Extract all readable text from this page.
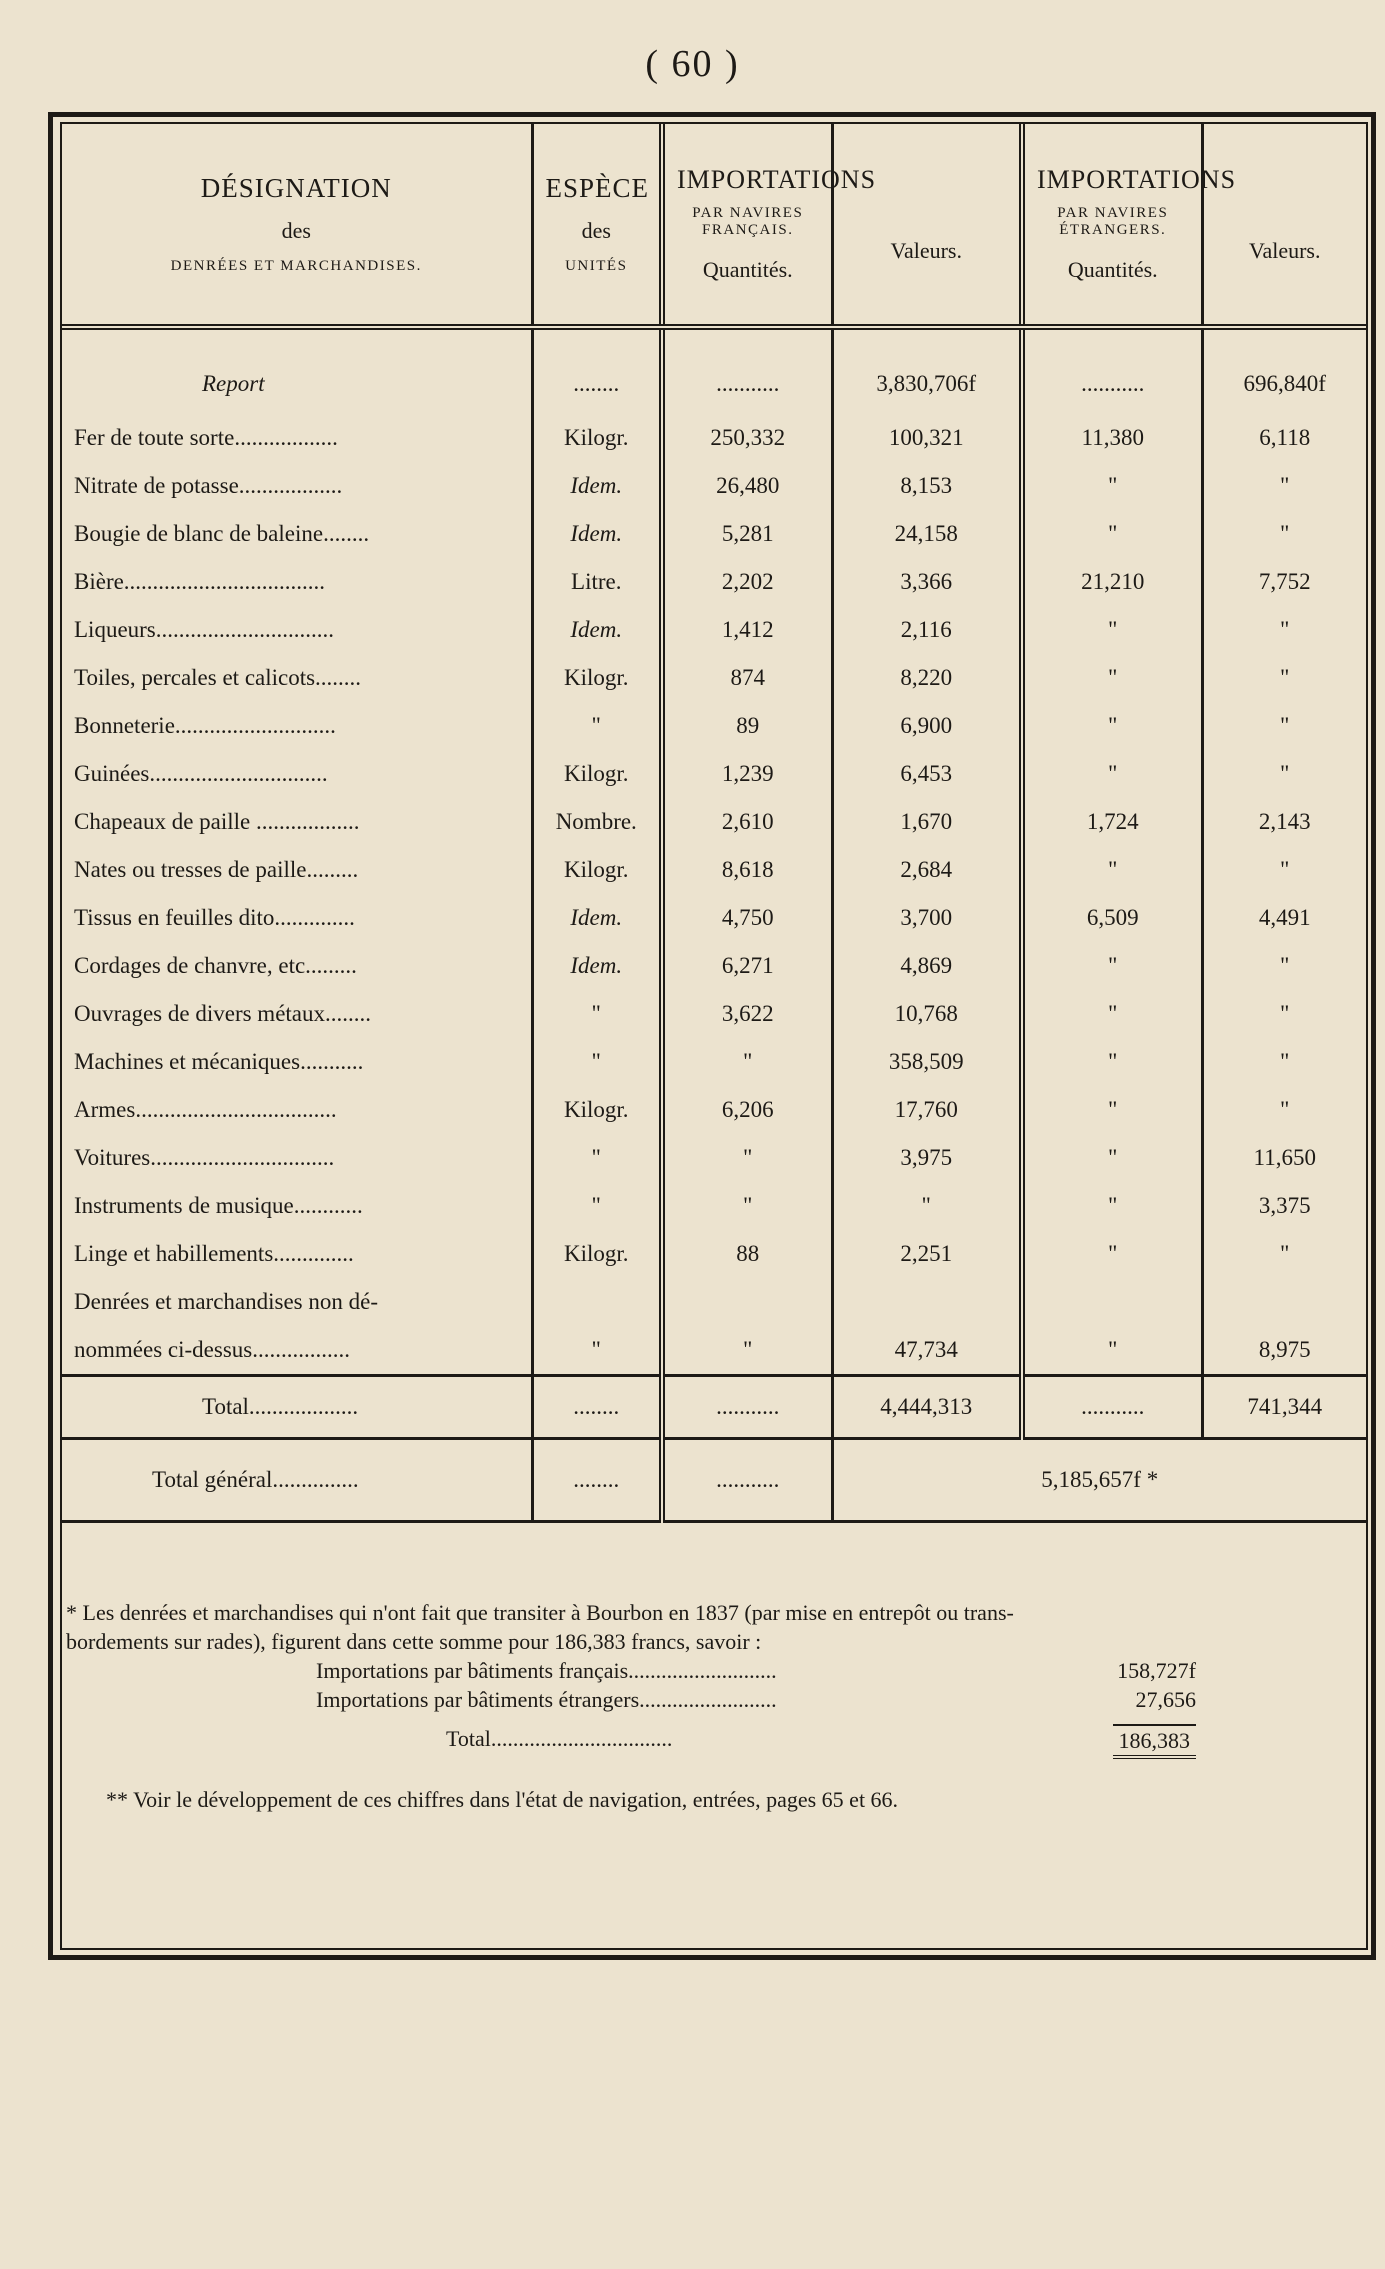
( 60 )
DÉSIGNATION
des
DENRÉES ET MARCHANDISES.	ESPÈCE
des
UNITÉS	IMPORTATIONS
PAR NAVIRES FRANÇAIS.

Quantités.	Valeurs.	IMPORTATIONS
PAR NAVIRES ÉTRANGERS.

Quantités.	Valeurs.
Report	........	...........	3,830,706f	...........	696,840f
Fer de toute sorte..................	Kilogr.	250,332	100,321	11,380	6,118
Nitrate de potasse..................	Idem.	26,480	8,153	"	"
Bougie de blanc de baleine........	Idem.	5,281	24,158	"	"
Bière...................................	Litre.	2,202	3,366	21,210	7,752
Liqueurs...............................	Idem.	1,412	2,116	"	"
Toiles, percales et calicots........	Kilogr.	874	8,220	"	"
Bonneterie............................	"	89	6,900	"	"
Guinées...............................	Kilogr.	1,239	6,453	"	"
Chapeaux de paille ..................	Nombre.	2,610	1,670	1,724	2,143
Nates ou tresses de paille.........	Kilogr.	8,618	2,684	"	"
Tissus en feuilles dito..............	Idem.	4,750	3,700	6,509	4,491
Cordages de chanvre, etc.........	Idem.	6,271	4,869	"	"
Ouvrages de divers métaux........	"	3,622	10,768	"	"
Machines et mécaniques...........	"	"	358,509	"	"
Armes...................................	Kilogr.	6,206	17,760	"	"
Voitures................................	"	"	3,975	"	11,650
Instruments de musique............	"	"	"	"	3,375
Linge et habillements..............	Kilogr.	88	2,251	"	"
Denrées et marchandises non dé-					
nommées ci-dessus.................	"	"	47,734	"	8,975
Total...................	........	...........	4,444,313	...........	741,344
Total général...............	........	...........	5,185,657f *		
* Les denrées et marchandises qui n'ont fait que transiter à Bourbon en 1837 (par mise en entrepôt ou trans-
bordements sur rades), figurent dans cette somme pour 186,383 francs, savoir :
Importations par bâtiments français...........................	158,727f
Importations par bâtiments étrangers.........................	27,656
Total.................................	186,383
** Voir le développement de ces chiffres dans l'état de navigation, entrées, pages 65 et 66.
